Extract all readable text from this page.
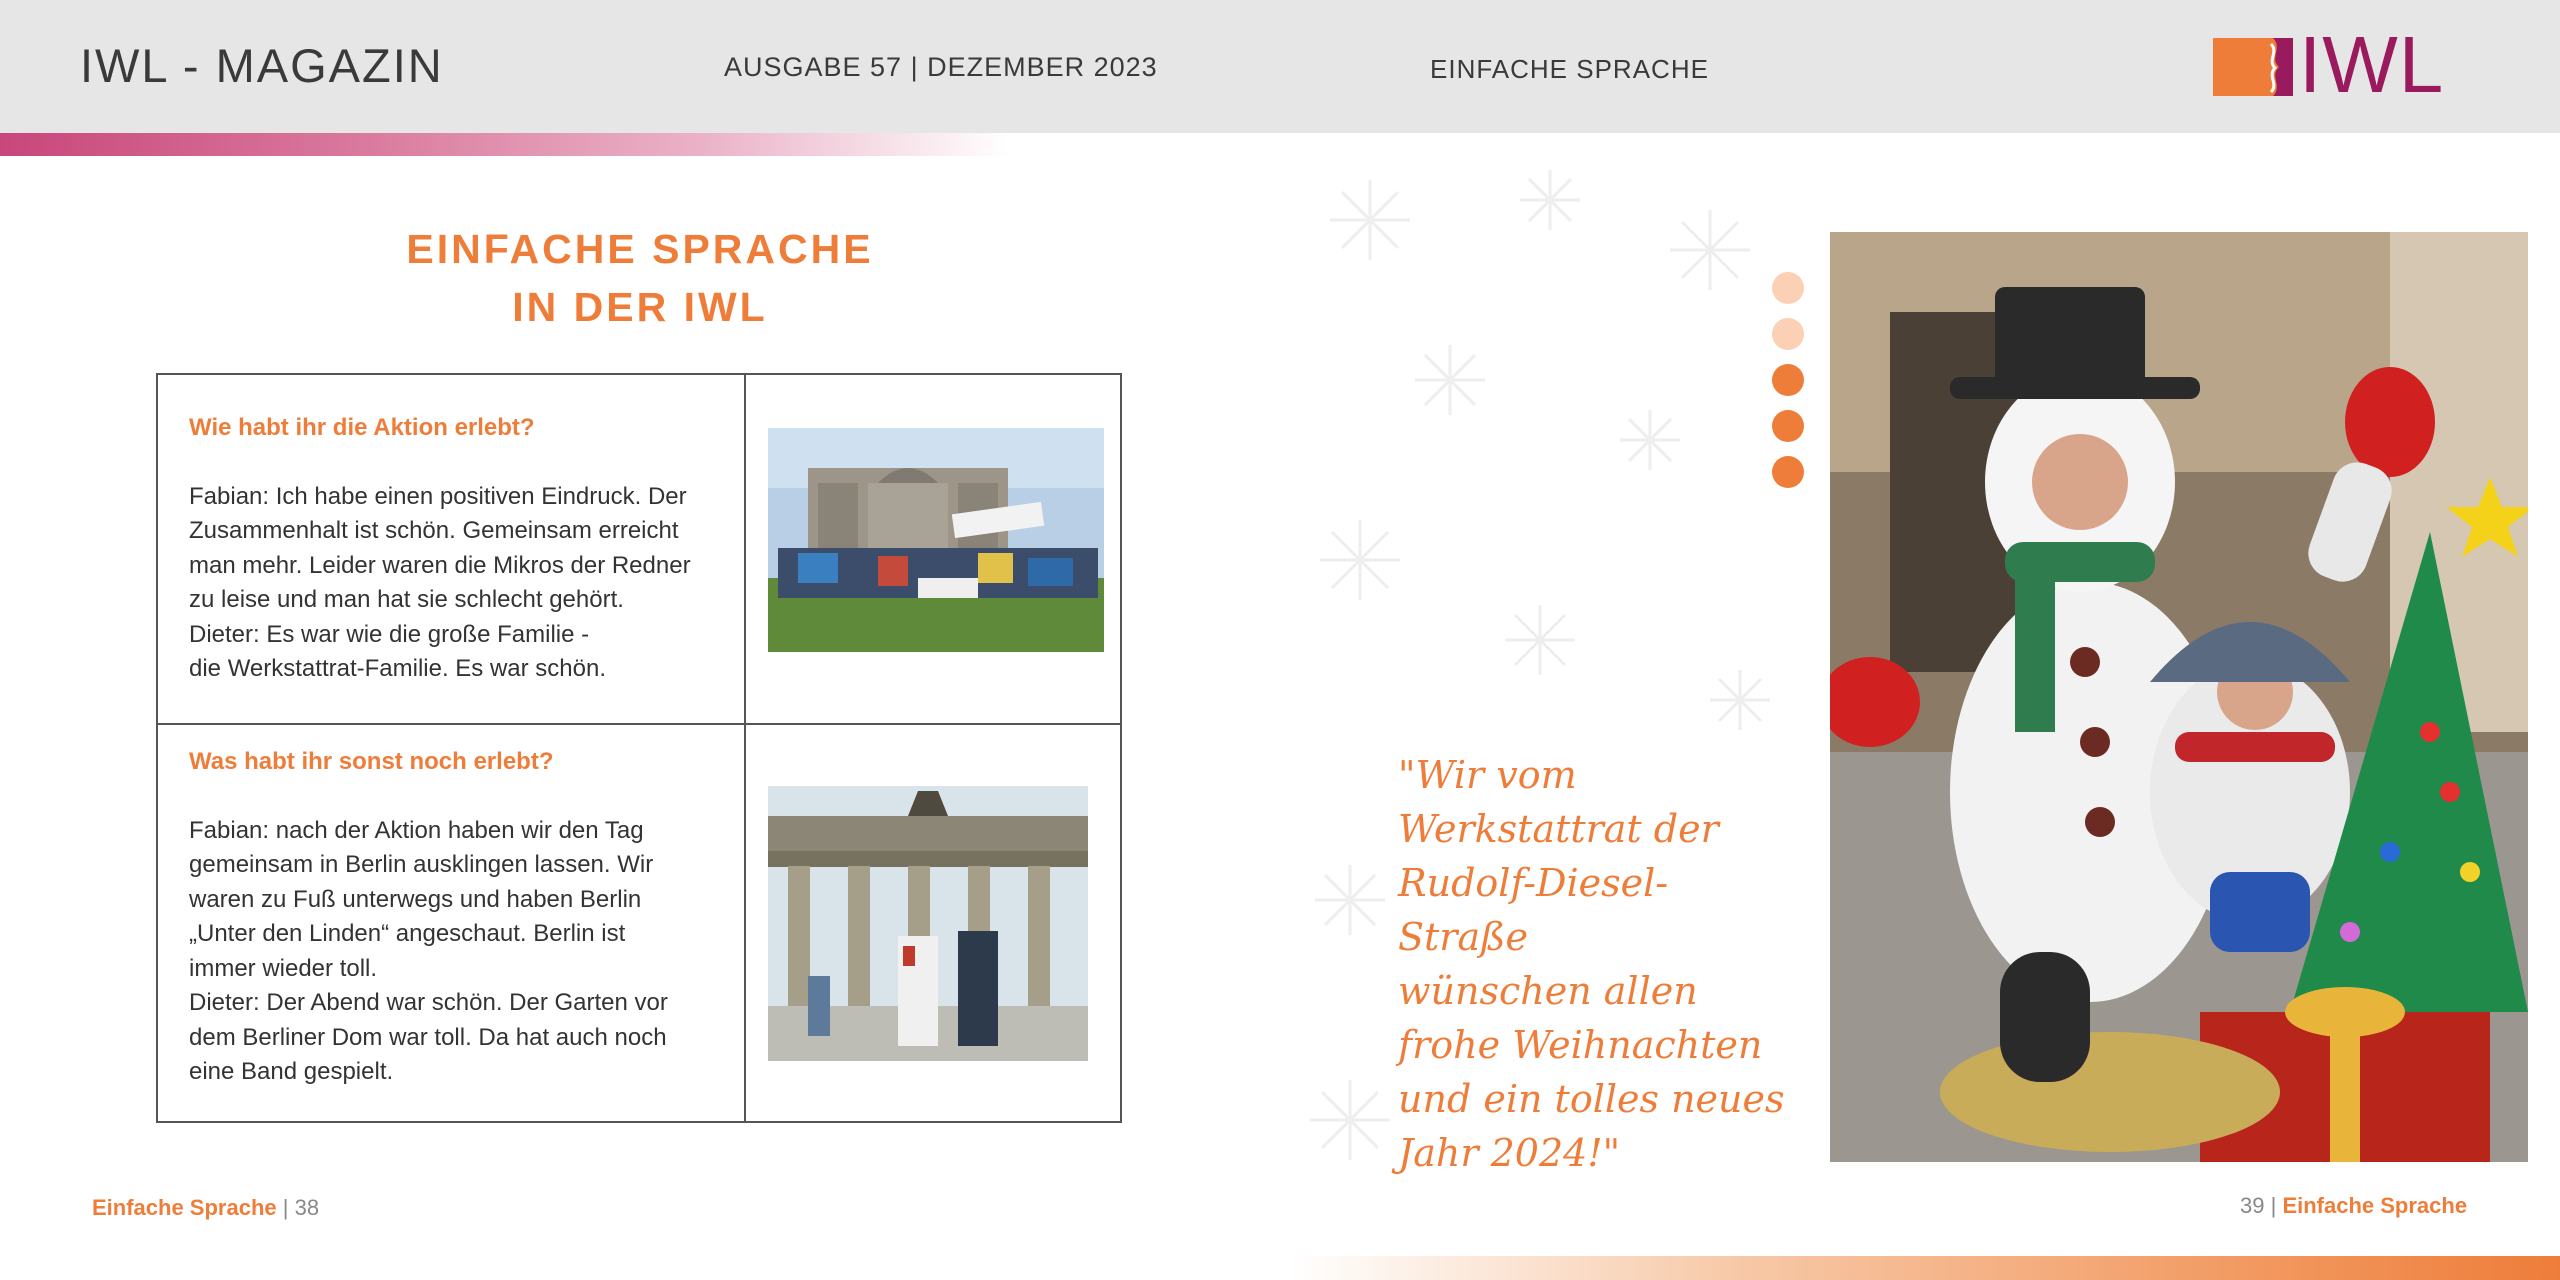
IWL - MAGAZIN	AUSGABE 57 | DEZEMBER 2023	EINFACHE SPRACHE	IWL
EINFACHE SPRACHE
IN DER IWL
Wie habt ihr die Aktion erlebt?
Fabian: Ich habe einen positiven Eindruck. Der
Zusammenhalt ist schön. Gemeinsam erreicht
man mehr. Leider waren die Mikros der Redner
zu leise und man hat sie schlecht gehört.
Dieter: Es war wie die große Familie -
die Werkstattrat-Familie. Es war schön.
Was habt ihr sonst noch erlebt?
Fabian: nach der Aktion haben wir den Tag
gemeinsam in Berlin ausklingen lassen. Wir
waren zu Fuß unterwegs und haben Berlin
„Unter den Linden“ angeschaut. Berlin ist
immer wieder toll.
Dieter: Der Abend war schön. Der Garten vor
dem Berliner Dom war toll. Da hat auch noch
eine Band gespielt.
Einfache Sprache | 38
"Wir vom
Werkstattrat der
Rudolf-Diesel-Straße
wünschen allen
frohe Weihnachten
und ein tolles neues
Jahr 2024!"
39 | Einfache Sprache
